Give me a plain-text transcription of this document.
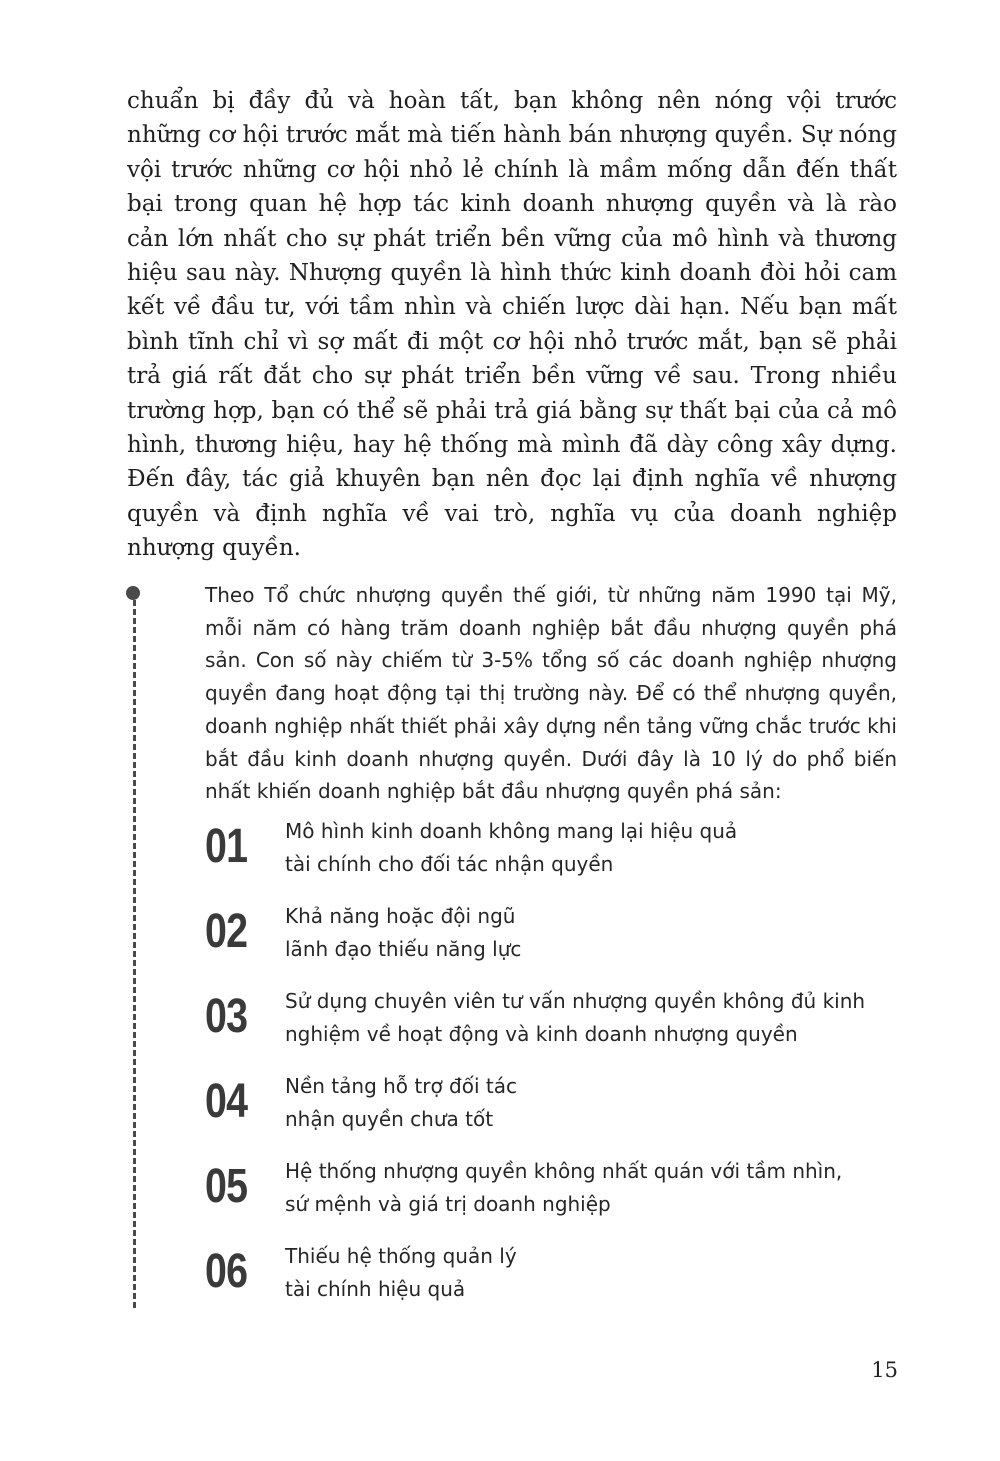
chuẩn bị đầy đủ và hoàn tất, bạn không nên nóng vội trước những cơ hội trước mắt mà tiến hành bán nhượng quyền. Sự nóng vội trước những cơ hội nhỏ lẻ chính là mầm mống dẫn đến thất bại trong quan hệ hợp tác kinh doanh nhượng quyền và là rào cản lớn nhất cho sự phát triển bền vững của mô hình và thương hiệu sau này. Nhượng quyền là hình thức kinh doanh đòi hỏi cam kết về đầu tư, với tầm nhìn và chiến lược dài hạn. Nếu bạn mất bình tĩnh chỉ vì sợ mất đi một cơ hội nhỏ trước mắt, bạn sẽ phải trả giá rất đắt cho sự phát triển bền vững về sau. Trong nhiều trường hợp, bạn có thể sẽ phải trả giá bằng sự thất bại của cả mô hình, thương hiệu, hay hệ thống mà mình đã dày công xây dựng. Đến đây, tác giả khuyên bạn nên đọc lại định nghĩa về nhượng quyền và định nghĩa về vai trò, nghĩa vụ của doanh nghiệp nhượng quyền.

Theo Tổ chức nhượng quyền thế giới, từ những năm 1990 tại Mỹ, mỗi năm có hàng trăm doanh nghiệp bắt đầu nhượng quyền phá sản. Con số này chiếm từ 3-5% tổng số các doanh nghiệp nhượng quyền đang hoạt động tại thị trường này. Để có thể nhượng quyền, doanh nghiệp nhất thiết phải xây dựng nền tảng vững chắc trước khi bắt đầu kinh doanh nhượng quyền. Dưới đây là 10 lý do phổ biến nhất khiến doanh nghiệp bắt đầu nhượng quyền phá sản:

01	Mô hình kinh doanh không mang lại hiệu quả
tài chính cho đối tác nhận quyền
02	Khả năng hoặc đội ngũ
lãnh đạo thiếu năng lực
03	Sử dụng chuyên viên tư vấn nhượng quyền không đủ kinh
nghiệm về hoạt động và kinh doanh nhượng quyền
04	Nền tảng hỗ trợ đối tác
nhận quyền chưa tốt
05	Hệ thống nhượng quyền không nhất quán với tầm nhìn,
sứ mệnh và giá trị doanh nghiệp
06	Thiếu hệ thống quản lý
tài chính hiệu quả
15
